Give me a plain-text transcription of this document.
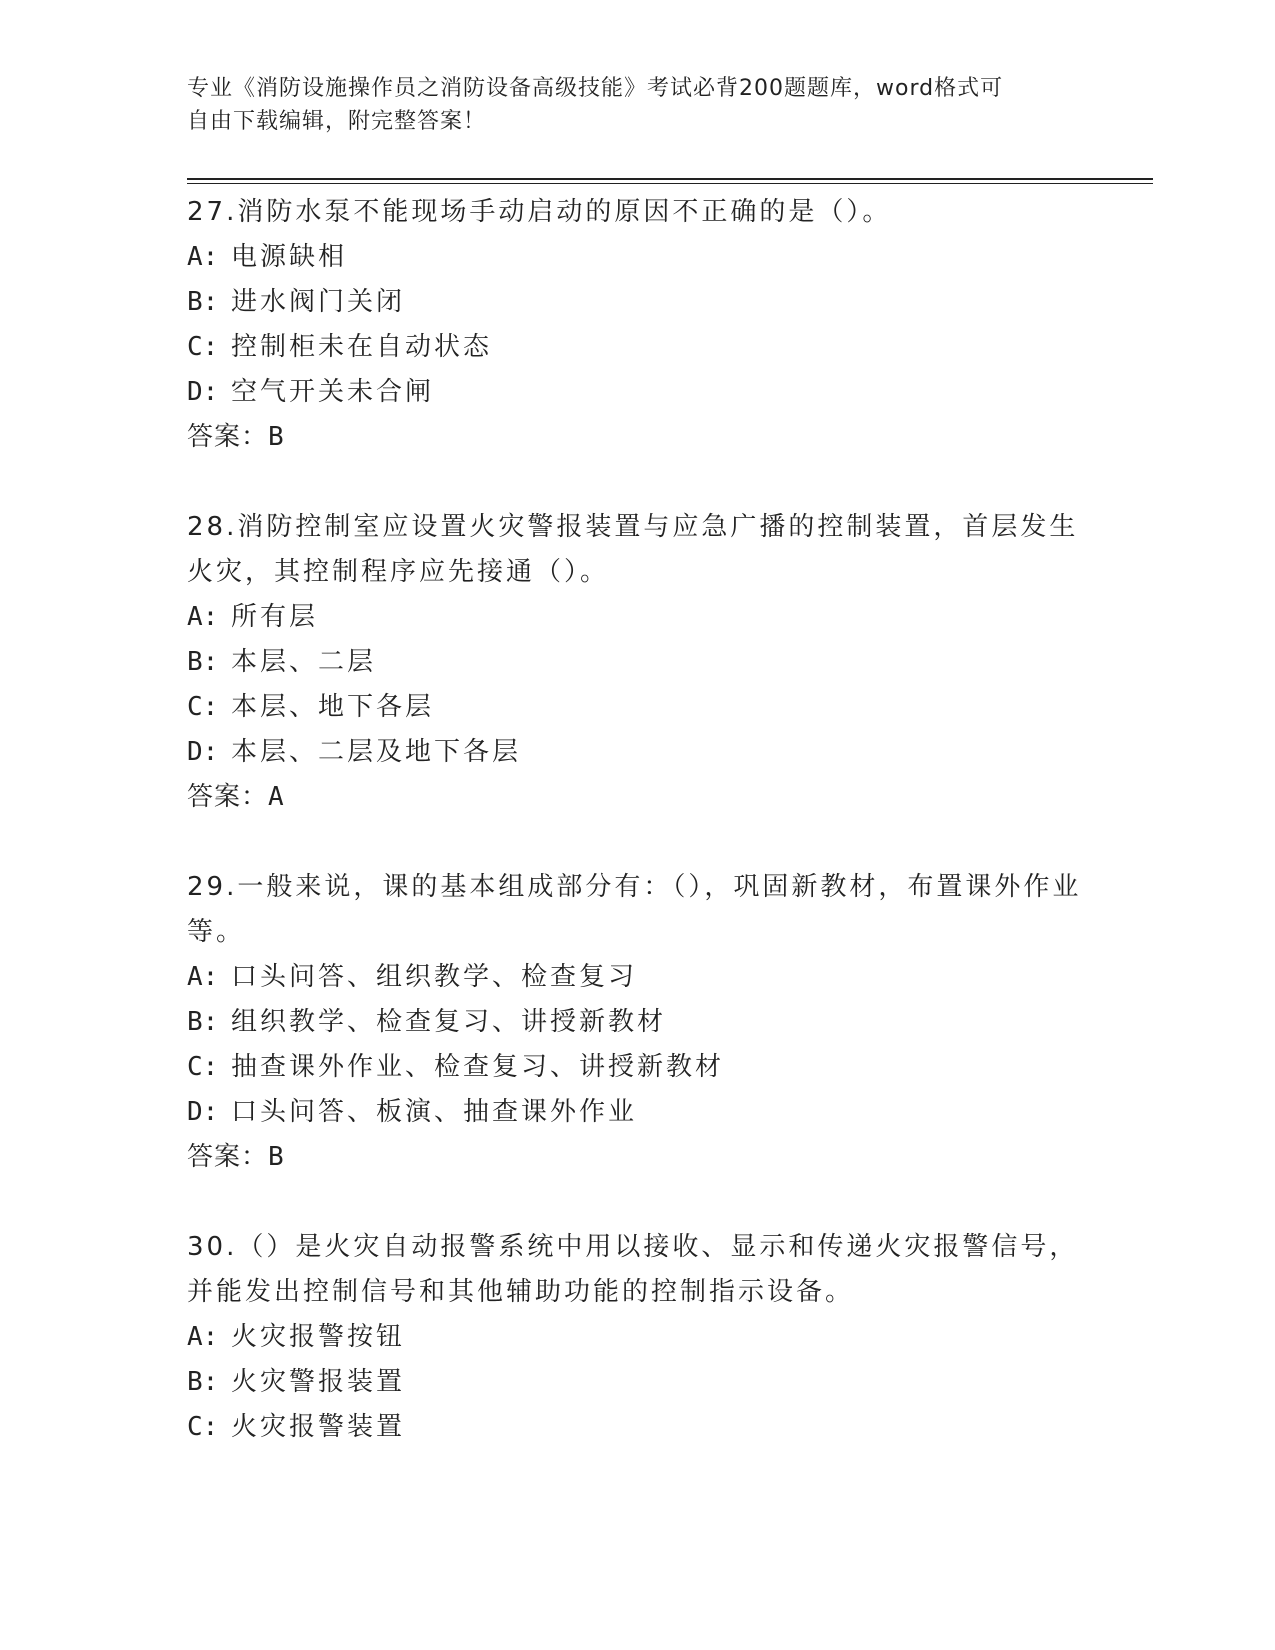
专业《消防设施操作员之消防设备高级技能》考试必背200题题库，word格式可
自由下载编辑，附完整答案！
27.消防水泵不能现场手动启动的原因不正确的是（）。
A: 电源缺相
B: 进水阀门关闭
C: 控制柜未在自动状态
D: 空气开关未合闸
答案：B
28.消防控制室应设置火灾警报装置与应急广播的控制装置，首层发生火灾，其控制程序应先接通（）。
A: 所有层
B: 本层、二层
C: 本层、地下各层
D: 本层、二层及地下各层
答案：A
29.一般来说，课的基本组成部分有：（），巩固新教材，布置课外作业等。
A: 口头问答、组织教学、检查复习
B: 组织教学、检查复习、讲授新教材
C: 抽查课外作业、检查复习、讲授新教材
D: 口头问答、板演、抽查课外作业
答案：B
30.（）是火灾自动报警系统中用以接收、显示和传递火灾报警信号，并能发出控制信号和其他辅助功能的控制指示设备。
A: 火灾报警按钮
B: 火灾警报装置
C: 火灾报警装置
